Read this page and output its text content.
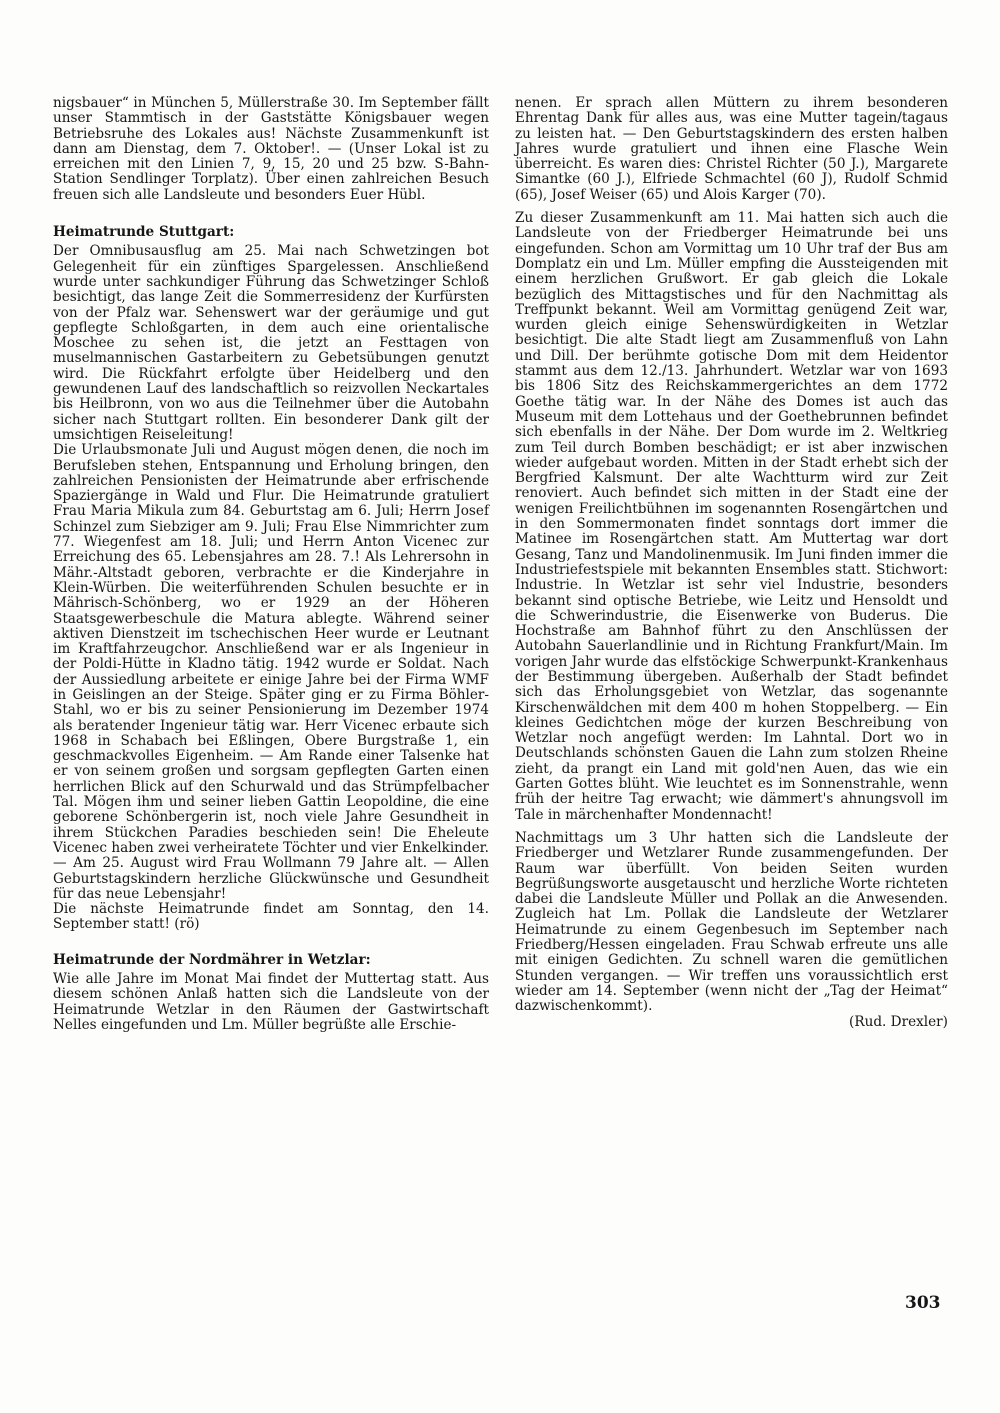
nigsbauer“ in München 5, Müllerstraße 30. Im September fällt unser Stammtisch in der Gaststätte Königsbauer wegen Betriebsruhe des Lokales aus! Nächste Zusammenkunft ist dann am Dienstag, dem 7. Oktober!. — (Unser Lokal ist zu erreichen mit den Linien 7, 9, 15, 20 und 25 bzw. S-Bahn-Station Sendlinger Torplatz). Über einen zahlreichen Besuch freuen sich alle Landsleute und besonders Euer Hübl.

Heimatrunde Stuttgart:

Der Omnibusausflug am 25. Mai nach Schwetzingen bot Gelegenheit für ein zünftiges Spargelessen. Anschließend wurde unter sachkundiger Führung das Schwetzinger Schloß besichtigt, das lange Zeit die Sommerresidenz der Kurfürsten von der Pfalz war. Sehenswert war der geräumige und gut gepflegte Schloßgarten, in dem auch eine orientalische Moschee zu sehen ist, die jetzt an Festtagen von muselmannischen Gastarbeitern zu Gebetsübungen genutzt wird. Die Rückfahrt erfolgte über Heidelberg und den gewundenen Lauf des landschaftlich so reizvollen Neckartales bis Heilbronn, von wo aus die Teilnehmer über die Autobahn sicher nach Stuttgart rollten. Ein besonderer Dank gilt der umsichtigen Reiseleitung!

Die Urlaubsmonate Juli und August mögen denen, die noch im Berufsleben stehen, Entspannung und Erholung bringen, den zahlreichen Pensionisten der Heimatrunde aber erfrischende Spaziergänge in Wald und Flur. Die Heimatrunde gratuliert Frau Maria Mikula zum 84. Geburtstag am 6. Juli; Herrn Josef Schinzel zum Siebziger am 9. Juli; Frau Else Nimmrichter zum 77. Wiegenfest am 18. Juli; und Herrn Anton Vicenec zur Erreichung des 65. Lebensjahres am 28. 7.! Als Lehrersohn in Mähr.-Altstadt geboren, verbrachte er die Kinderjahre in Klein-Würben. Die weiterführenden Schulen besuchte er in Mährisch-Schönberg, wo er 1929 an der Höheren Staatsgewerbeschule die Matura ablegte. Während seiner aktiven Dienstzeit im tschechischen Heer wurde er Leutnant im Kraftfahrzeugchor. Anschließend war er als Ingenieur in der Poldi-Hütte in Kladno tätig. 1942 wurde er Soldat. Nach der Aussiedlung arbeitete er einige Jahre bei der Firma WMF in Geislingen an der Steige. Später ging er zu Firma Böhler-Stahl, wo er bis zu seiner Pensionierung im Dezember 1974 als beratender Ingenieur tätig war. Herr Vicenec erbaute sich 1968 in Schabach bei Eßlingen, Obere Burgstraße 1, ein geschmackvolles Eigenheim. — Am Rande einer Talsenke hat er von seinem großen und sorgsam gepflegten Garten einen herrlichen Blick auf den Schurwald und das Strümpfelbacher Tal. Mögen ihm und seiner lieben Gattin Leopoldine, die eine geborene Schönbergerin ist, noch viele Jahre Gesundheit in ihrem Stückchen Paradies beschieden sein! Die Eheleute Vicenec haben zwei verheiratete Töchter und vier Enkelkinder. — Am 25. August wird Frau Wollmann 79 Jahre alt. — Allen Geburtstagskindern herzliche Glückwünsche und Gesundheit für das neue Lebensjahr!

Die nächste Heimatrunde findet am Sonntag, den 14. September statt! (rö)

Heimatrunde der Nordmährer in Wetzlar:

Wie alle Jahre im Monat Mai findet der Muttertag statt. Aus diesem schönen Anlaß hatten sich die Landsleute von der Heimatrunde Wetzlar in den Räumen der Gastwirtschaft Nelles eingefunden und Lm. Müller begrüßte alle Erschie-

nenen. Er sprach allen Müttern zu ihrem besonderen Ehrentag Dank für alles aus, was eine Mutter tagein/tagaus zu leisten hat. — Den Geburtstagskindern des ersten halben Jahres wurde gratuliert und ihnen eine Flasche Wein überreicht. Es waren dies: Christel Richter (50 J.), Margarete Simantke (60 J.), Elfriede Schmachtel (60 J), Rudolf Schmid (65), Josef Weiser (65) und Alois Karger (70).

Zu dieser Zusammenkunft am 11. Mai hatten sich auch die Landsleute von der Friedberger Heimatrunde bei uns eingefunden. Schon am Vormittag um 10 Uhr traf der Bus am Domplatz ein und Lm. Müller empfing die Aussteigenden mit einem herzlichen Grußwort. Er gab gleich die Lokale bezüglich des Mittagstisches und für den Nachmittag als Treffpunkt bekannt. Weil am Vormittag genügend Zeit war, wurden gleich einige Sehenswürdigkeiten in Wetzlar besichtigt. Die alte Stadt liegt am Zusammenfluß von Lahn und Dill. Der berühmte gotische Dom mit dem Heidentor stammt aus dem 12./13. Jahrhundert. Wetzlar war von 1693 bis 1806 Sitz des Reichskammergerichtes an dem 1772 Goethe tätig war. In der Nähe des Domes ist auch das Museum mit dem Lottehaus und der Goethebrunnen befindet sich ebenfalls in der Nähe. Der Dom wurde im 2. Weltkrieg zum Teil durch Bomben beschädigt; er ist aber inzwischen wieder aufgebaut worden. Mitten in der Stadt erhebt sich der Bergfried Kalsmunt. Der alte Wachtturm wird zur Zeit renoviert. Auch befindet sich mitten in der Stadt eine der wenigen Freilichtbühnen im sogenannten Rosengärtchen und in den Sommermonaten findet sonntags dort immer die Matinee im Rosengärtchen statt. Am Muttertag war dort Gesang, Tanz und Mandolinenmusik. Im Juni finden immer die Industriefestspiele mit bekannten Ensembles statt. Stichwort: Industrie. In Wetzlar ist sehr viel Industrie, besonders bekannt sind optische Betriebe, wie Leitz und Hensoldt und die Schwerindustrie, die Eisenwerke von Buderus. Die Hochstraße am Bahnhof führt zu den Anschlüssen der Autobahn Sauerlandlinie und in Richtung Frankfurt/Main. Im vorigen Jahr wurde das elfstöckige Schwerpunkt-Krankenhaus der Bestimmung übergeben. Außerhalb der Stadt befindet sich das Erholungsgebiet von Wetzlar, das sogenannte Kirschenwäldchen mit dem 400 m hohen Stoppelberg. — Ein kleines Gedichtchen möge der kurzen Beschreibung von Wetzlar noch angefügt werden: Im Lahntal. Dort wo in Deutschlands schönsten Gauen die Lahn zum stolzen Rheine zieht, da prangt ein Land mit gold'nen Auen, das wie ein Garten Gottes blüht. Wie leuchtet es im Sonnenstrahle, wenn früh der heitre Tag erwacht; wie dämmert's ahnungsvoll im Tale in märchenhafter Mondennacht!

Nachmittags um 3 Uhr hatten sich die Landsleute der Friedberger und Wetzlarer Runde zusammengefunden. Der Raum war überfüllt. Von beiden Seiten wurden Begrüßungsworte ausgetauscht und herzliche Worte richteten dabei die Landsleute Müller und Pollak an die Anwesenden. Zugleich hat Lm. Pollak die Landsleute der Wetzlarer Heimatrunde zu einem Gegenbesuch im September nach Friedberg/Hessen eingeladen. Frau Schwab erfreute uns alle mit einigen Gedichten. Zu schnell waren die gemütlichen Stunden vergangen. — Wir treffen uns voraussichtlich erst wieder am 14. September (wenn nicht der „Tag der Heimat“ dazwischenkommt).

(Rud. Drexler)

303
